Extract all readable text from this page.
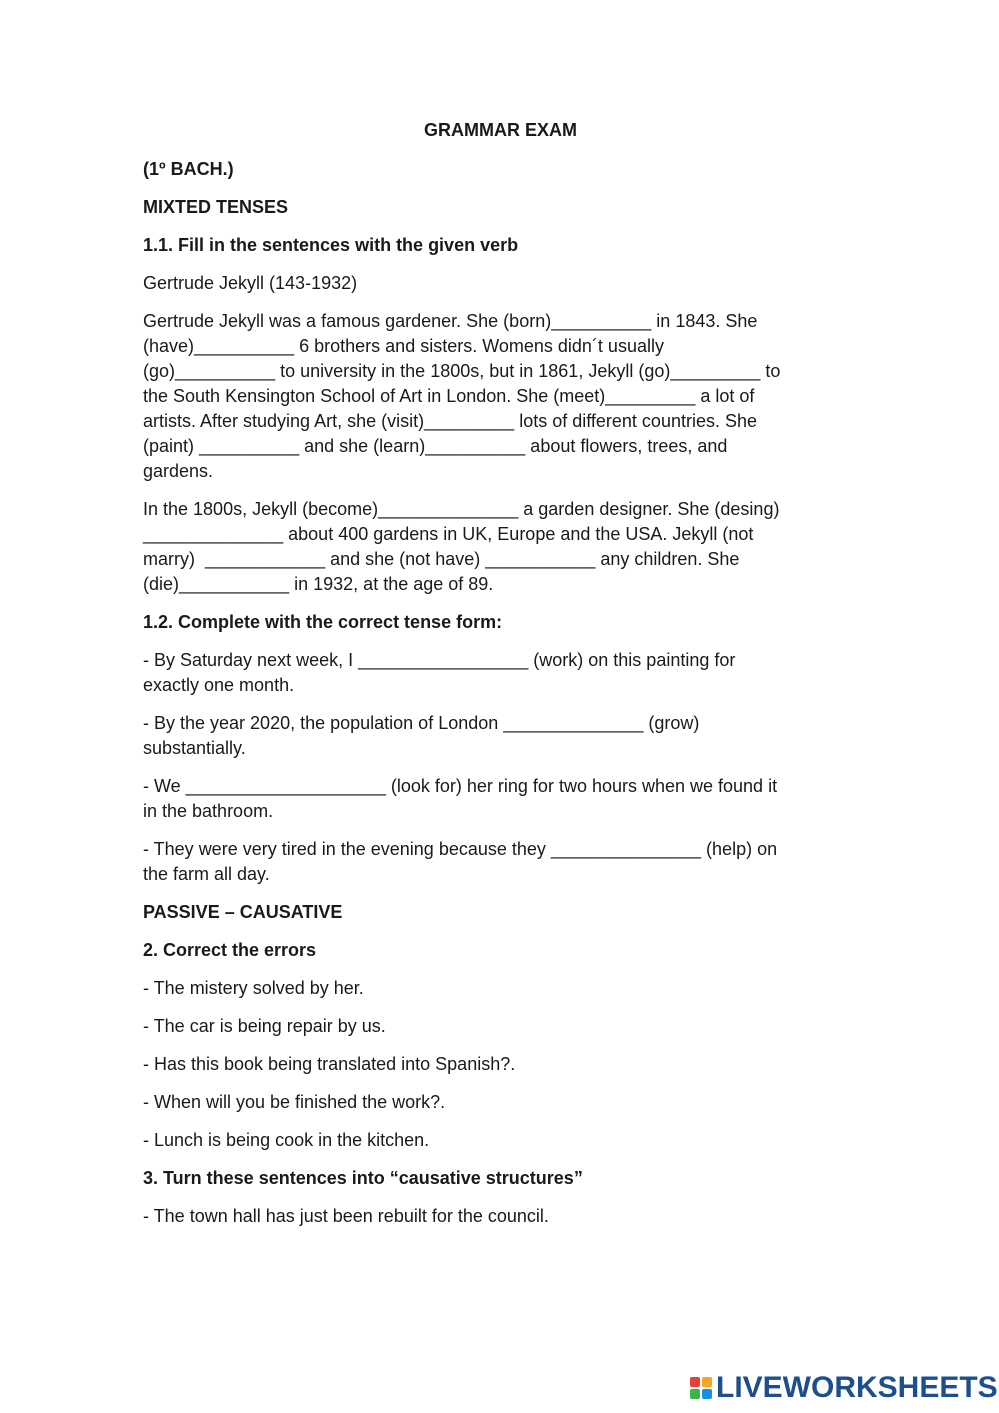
GRAMMAR EXAM
(1º BACH.)
MIXTED TENSES
1.1. Fill in the sentences with the given verb
Gertrude Jekyll (143-1932)
Gertrude Jekyll was a famous gardener. She (born)__________ in 1843. She
(have)__________ 6 brothers and sisters. Womens didn´t usually
(go)__________ to university in the 1800s, but in 1861, Jekyll (go)_________ to
the South Kensington School of Art in London. She (meet)_________ a lot of
artists. After studying Art, she (visit)_________ lots of different countries. She
(paint) __________ and she (learn)__________ about flowers, trees, and
gardens.
In the 1800s, Jekyll (become)______________ a garden designer. She (desing)
______________ about 400 gardens in UK, Europe and the USA. Jekyll (not
marry)  ____________ and she (not have) ___________ any children. She
(die)___________ in 1932, at the age of 89.
1.2. Complete with the correct tense form:
- By Saturday next week, I _________________ (work) on this painting for
exactly one month.
- By the year 2020, the population of London ______________ (grow)
substantially.
- We ____________________ (look for) her ring for two hours when we found it
in the bathroom.
- They were very tired in the evening because they _______________ (help) on
the farm all day.
PASSIVE – CAUSATIVE
2. Correct the errors
- The mistery solved by her.
- The car is being repair by us.
- Has this book being translated into Spanish?.
- When will you be finished the work?.
- Lunch is being cook in the kitchen.
3. Turn these sentences into “causative structures”
- The town hall has just been rebuilt for the council.
LIVEWORKSHEETS
